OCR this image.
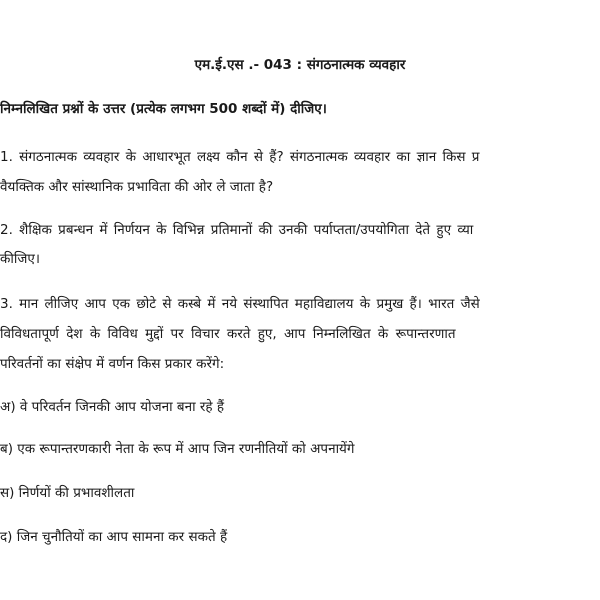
एम.ई.एस .- 043 : संगठनात्मक व्यवहार
निम्नलिखित प्रश्नों के उत्तर (प्रत्येक लगभग 500 शब्दों में) दीजिए।
1. संगठनात्मक व्यवहार के आधारभूत लक्ष्य कौन से हैं? संगठनात्मक व्यवहार का ज्ञान किस प्र
वैयक्तिक और सांस्थानिक प्रभाविता की ओर ले जाता है?
2. शैक्षिक प्रबन्धन में निर्णयन के विभिन्न प्रतिमानों की उनकी पर्याप्तता/उपयोगिता देते हुए व्या
कीजिए।
3. मान लीजिए आप एक छोटे से कस्बे में नये संस्थापित महाविद्यालय के प्रमुख हैं। भारत जैसे
विविधतापूर्ण देश के विविध मुद्दों पर विचार करते हुए, आप निम्नलिखित के रूपान्तरणात
परिवर्तनों का संक्षेप में वर्णन किस प्रकार करेंगे:
अ) वे परिवर्तन जिनकी आप योजना बना रहे हैं
ब) एक रूपान्तरणकारी नेता के रूप में आप जिन रणनीतियों को अपनायेंगे
स) निर्णयों की प्रभावशीलता
द) जिन चुनौतियों का आप सामना कर सकते हैं
